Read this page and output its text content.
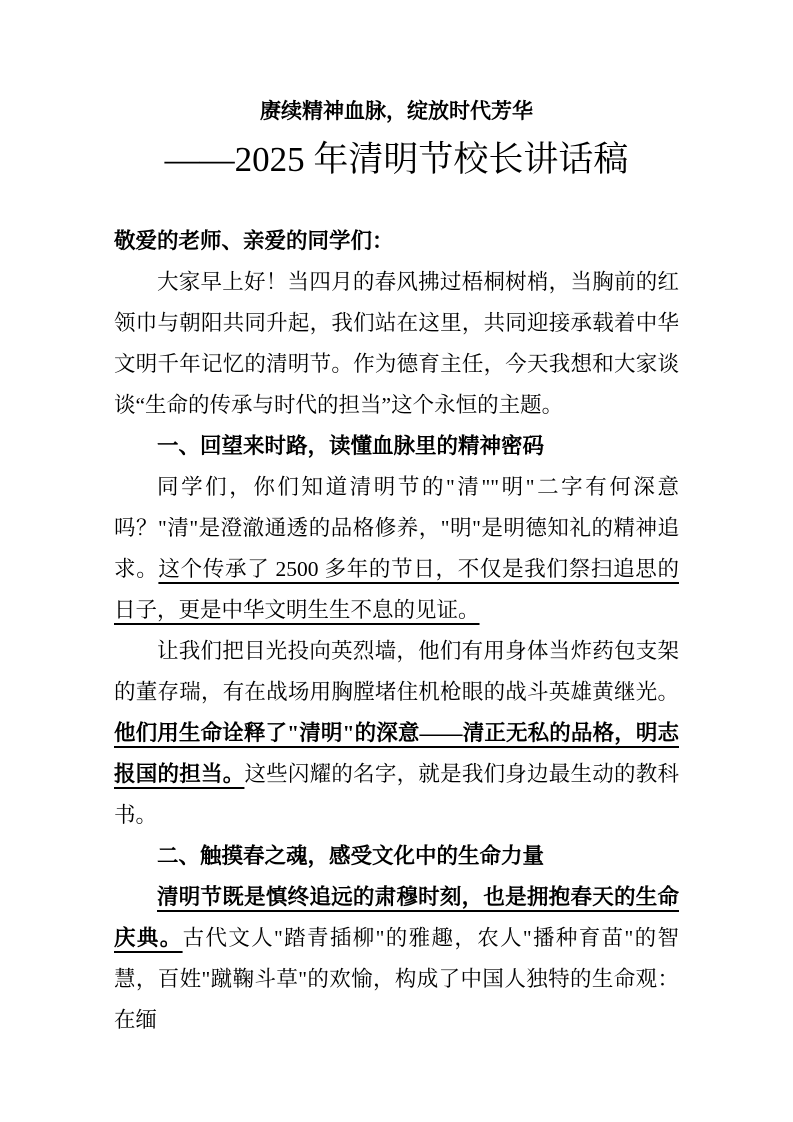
赓续精神血脉，绽放时代芳华
——2025 年清明节校长讲话稿

敬爱的老师、亲爱的同学们：

大家早上好！当四月的春风拂过梧桐树梢，当胸前的红领巾与朝阳共同升起，我们站在这里，共同迎接承载着中华文明千年记忆的清明节。作为德育主任，今天我想和大家谈谈“生命的传承与时代的担当”这个永恒的主题。

一、回望来时路，读懂血脉里的精神密码

同学们，你们知道清明节的"清""明"二字有何深意吗？"清"是澄澈通透的品格修养，"明"是明德知礼的精神追求。这个传承了 2500 多年的节日，不仅是我们祭扫追思的日子，更是中华文明生生不息的见证。

让我们把目光投向英烈墙，他们有用身体当炸药包支架的董存瑞，有在战场用胸膛堵住机枪眼的战斗英雄黄继光。他们用生命诠释了"清明"的深意——清正无私的品格，明志报国的担当。这些闪耀的名字，就是我们身边最生动的教科书。

二、触摸春之魂，感受文化中的生命力量

清明节既是慎终追远的肃穆时刻，也是拥抱春天的生命庆典。古代文人"踏青插柳"的雅趣，农人"播种育苗"的智慧，百姓"蹴鞠斗草"的欢愉，构成了中国人独特的生命观：在缅
